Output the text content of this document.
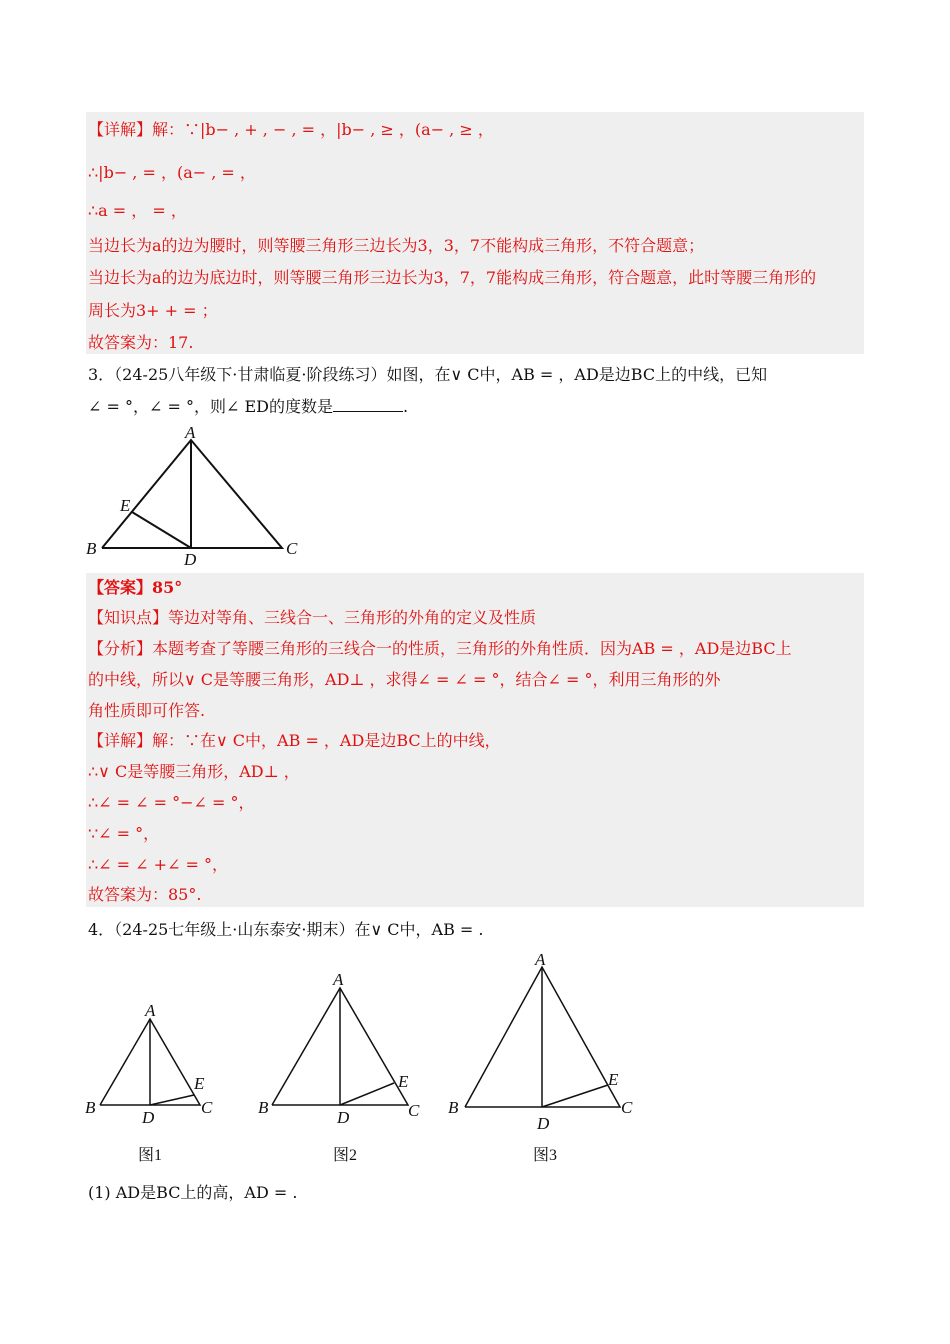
【详解】解：∵|b− , + , − , = ，|b− , ≥ ，(a− , ≥ ，
∴|b− , = ，(a− , = ，
∴a = ， = ，
当边长为a的边为腰时，则等腰三角形三边长为3，3，7不能构成三角形，不符合题意；
当边长为a的边为底边时，则等腰三角形三边长为3，7，7能构成三角形，符合题意，此时等腰三角形的
周长为3+ + = ；
故答案为：17.
3．（24-25八年级下·甘肃临夏·阶段练习）如图，在∨ C中，AB = ，AD是边BC上的中线，已知
∠ = °，∠ = °，则∠ ED的度数是	.
A
E
B
D
C
【答案】85°
【知识点】等边对等角、三线合一、三角形的外角的定义及性质
【分析】本题考查了等腰三角形的三线合一的性质，三角形的外角性质．因为AB = ，AD是边BC上
的中线，所以∨ C是等腰三角形，AD⊥ ，求得∠ = ∠ = °，结合∠ = °，利用三角形的外
角性质即可作答.
【详解】解：∵在∨ C中，AB = ，AD是边BC上的中线，
∴∨ C是等腰三角形，AD⊥ ，
∴∠ = ∠ = °−∠ = °，
∵∠ = °，
∴∠ = ∠ +∠ = °，
故答案为：85°.
4．（24-25七年级上·山东泰安·期末）在∨ C中，AB = .
A
B	C
D
E
图1
A
B	C
D
E
图2
A
B	C
D
E
图3
(1) AD是BC上的高，AD = .
